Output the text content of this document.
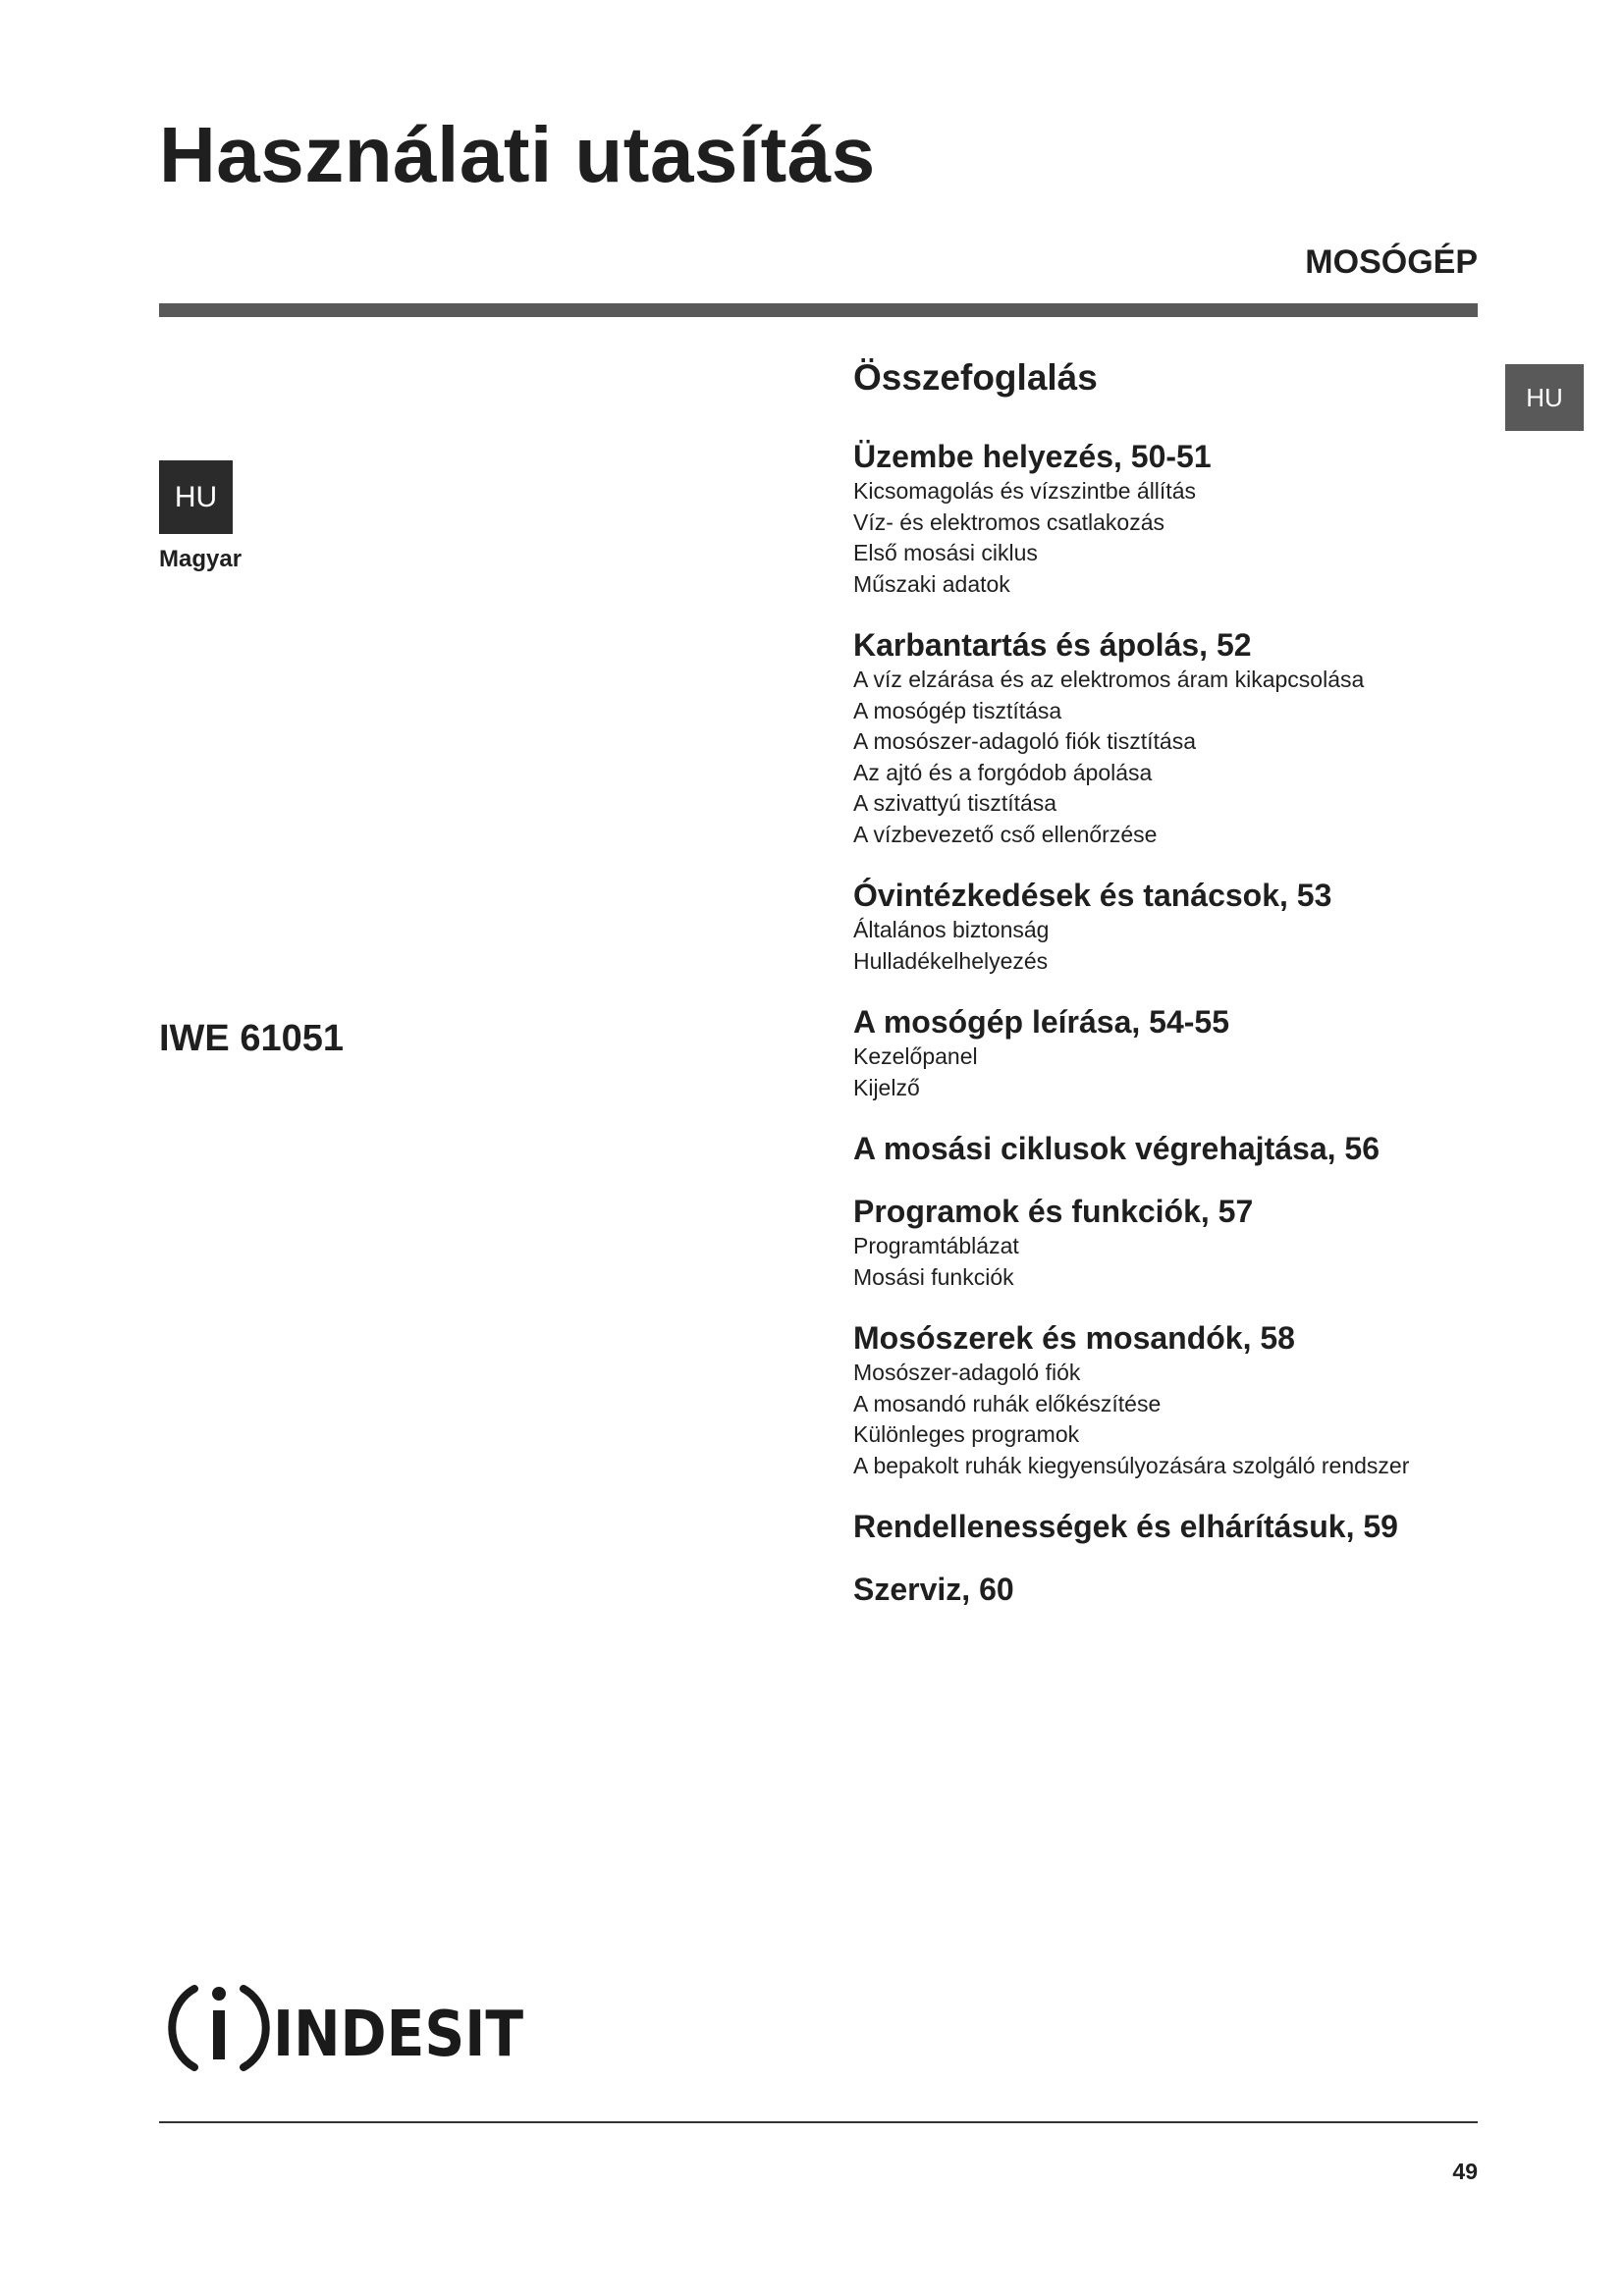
Használati utasítás
MOSÓGÉP
HU
HU
Magyar
IWE 61051
Összefoglalás
Üzembe helyezés, 50-51
Kicsomagolás és vízszintbe állítás
Víz- és elektromos csatlakozás
Első mosási ciklus
Műszaki adatok
Karbantartás és ápolás, 52
A víz elzárása és az elektromos áram kikapcsolása
A mosógép tisztítása
A mosószer-adagoló fiók tisztítása
Az ajtó és a forgódob ápolása
A szivattyú tisztítása
A vízbevezető cső ellenőrzése
Óvintézkedések és tanácsok, 53
Általános biztonság
Hulladékelhelyezés
A mosógép leírása, 54-55
Kezelőpanel
Kijelző
A mosási ciklusok végrehajtása, 56
Programok és funkciók, 57
Programtáblázat
Mosási funkciók
Mosószerek és mosandók, 58
Mosószer-adagoló fiók
A mosandó ruhák előkészítése
Különleges programok
A bepakolt ruhák kiegyensúlyozására szolgáló rendszer
Rendellenességek és elhárításuk, 59
Szerviz, 60
INDESIT
49
